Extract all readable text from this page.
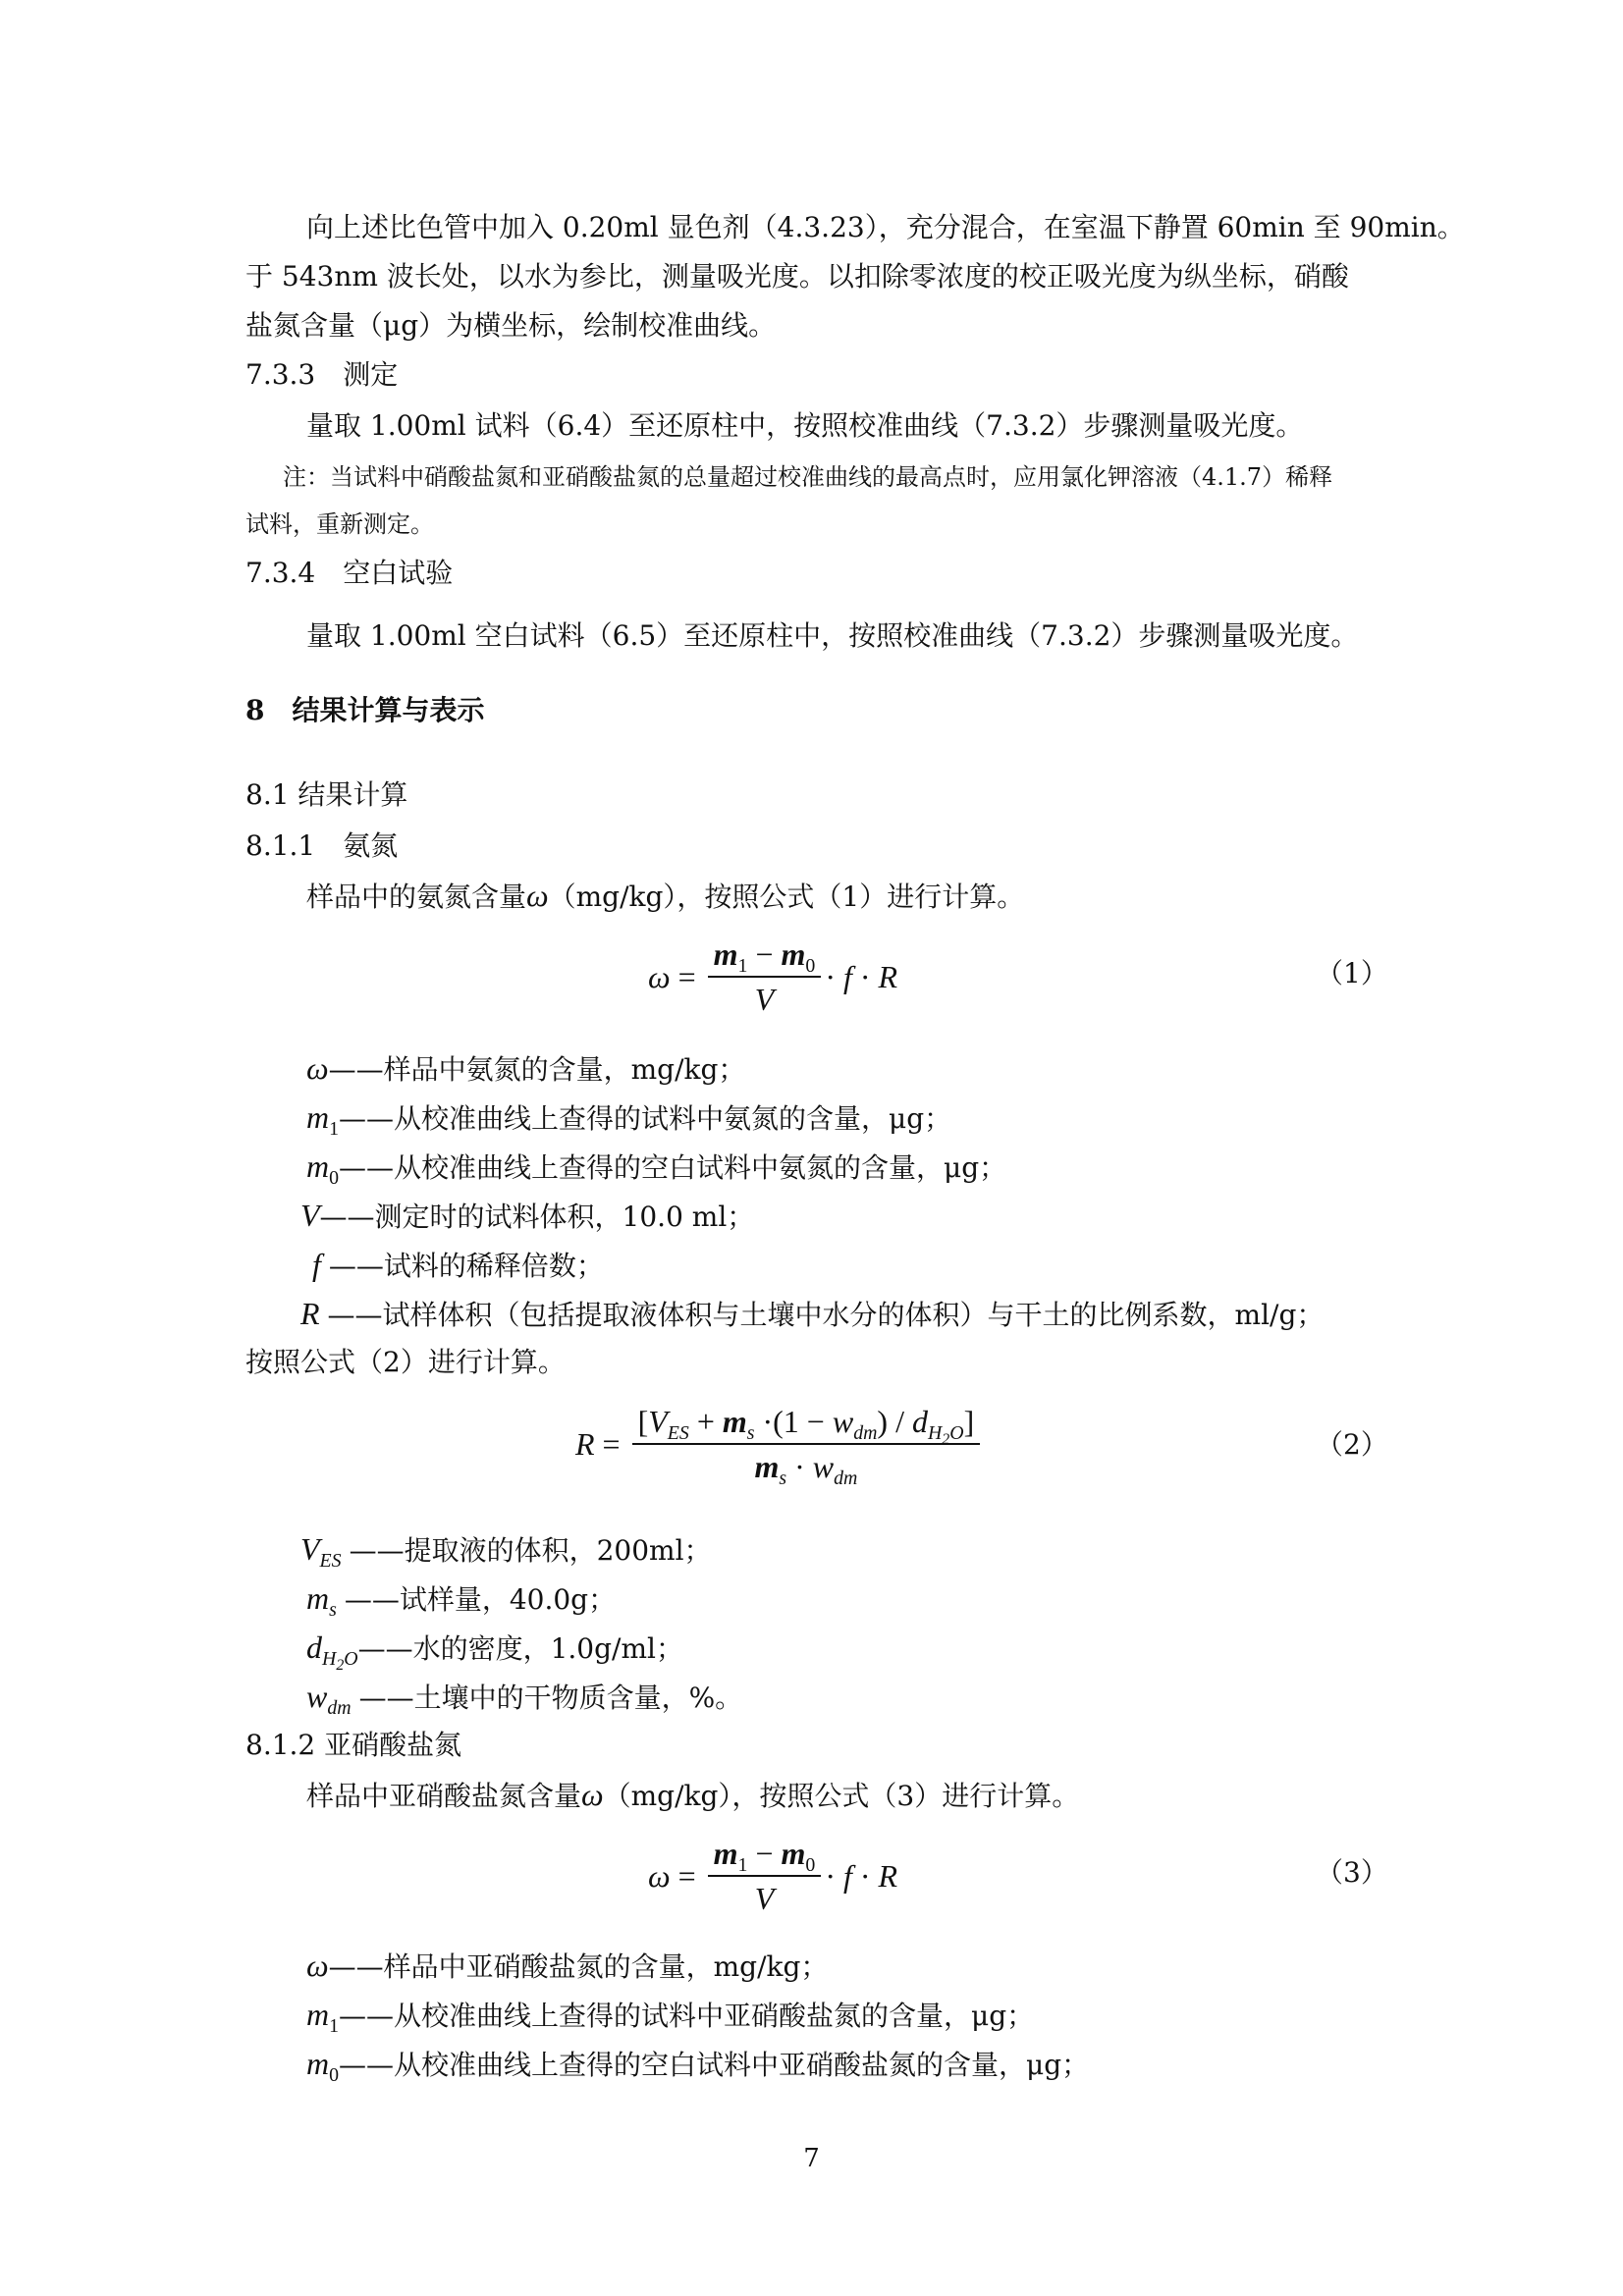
向上述比色管中加入 0.20ml 显色剂（4.3.23），充分混合，在室温下静置 60min 至 90min。
于 543nm 波长处，以水为参比，测量吸光度。以扣除零浓度的校正吸光度为纵坐标，硝酸
盐氮含量（μg）为横坐标，绘制校准曲线。
7.3.3　测定
量取 1.00ml 试料（6.4）至还原柱中，按照校准曲线（7.3.2）步骤测量吸光度。
注：当试料中硝酸盐氮和亚硝酸盐氮的总量超过校准曲线的最高点时，应用氯化钾溶液（4.1.7）稀释
试料，重新测定。
7.3.4　空白试验
量取 1.00ml 空白试料（6.5）至还原柱中，按照校准曲线（7.3.2）步骤测量吸光度。
8　结果计算与表示
8.1 结果计算
8.1.1　氨氮
样品中的氨氮含量ω（mg/kg），按照公式（1）进行计算。
$\omega = \frac{m_1 - m_0}{V} \cdot f \cdot R$	（1）
ω——样品中氨氮的含量，mg/kg；
$m_1——$从校准曲线上查得的试料中氨氮的含量，μg；
$m_0——$从校准曲线上查得的空白试料中氨氮的含量，μg；
V——测定时的试料体积，10.0 ml；
f ——试料的稀释倍数；
R ——试样体积（包括提取液体积与土壤中水分的体积）与干土的比例系数，ml/g；
按照公式（2）进行计算。
$R = \frac{[V_{ES} + m_s \cdot(1 - w_{dm}) / d_{H_2O}]}{m_s \cdot w_{dm}}$	（2）
$V_{ES}$ ——提取液的体积，200ml；
$m_s$ ——试样量，40.0g；
$d_{H_2O}——$水的密度，1.0g/ml；
$w_{dm}$ ——土壤中的干物质含量，%。
8.1.2 亚硝酸盐氮
样品中亚硝酸盐氮含量ω（mg/kg），按照公式（3）进行计算。
$\omega = \frac{m_1 - m_0}{V} \cdot f \cdot R$	（3）
ω——样品中亚硝酸盐氮的含量，mg/kg；
$m_1——$从校准曲线上查得的试料中亚硝酸盐氮的含量，μg；
$m_0——$从校准曲线上查得的空白试料中亚硝酸盐氮的含量，μg；
7
